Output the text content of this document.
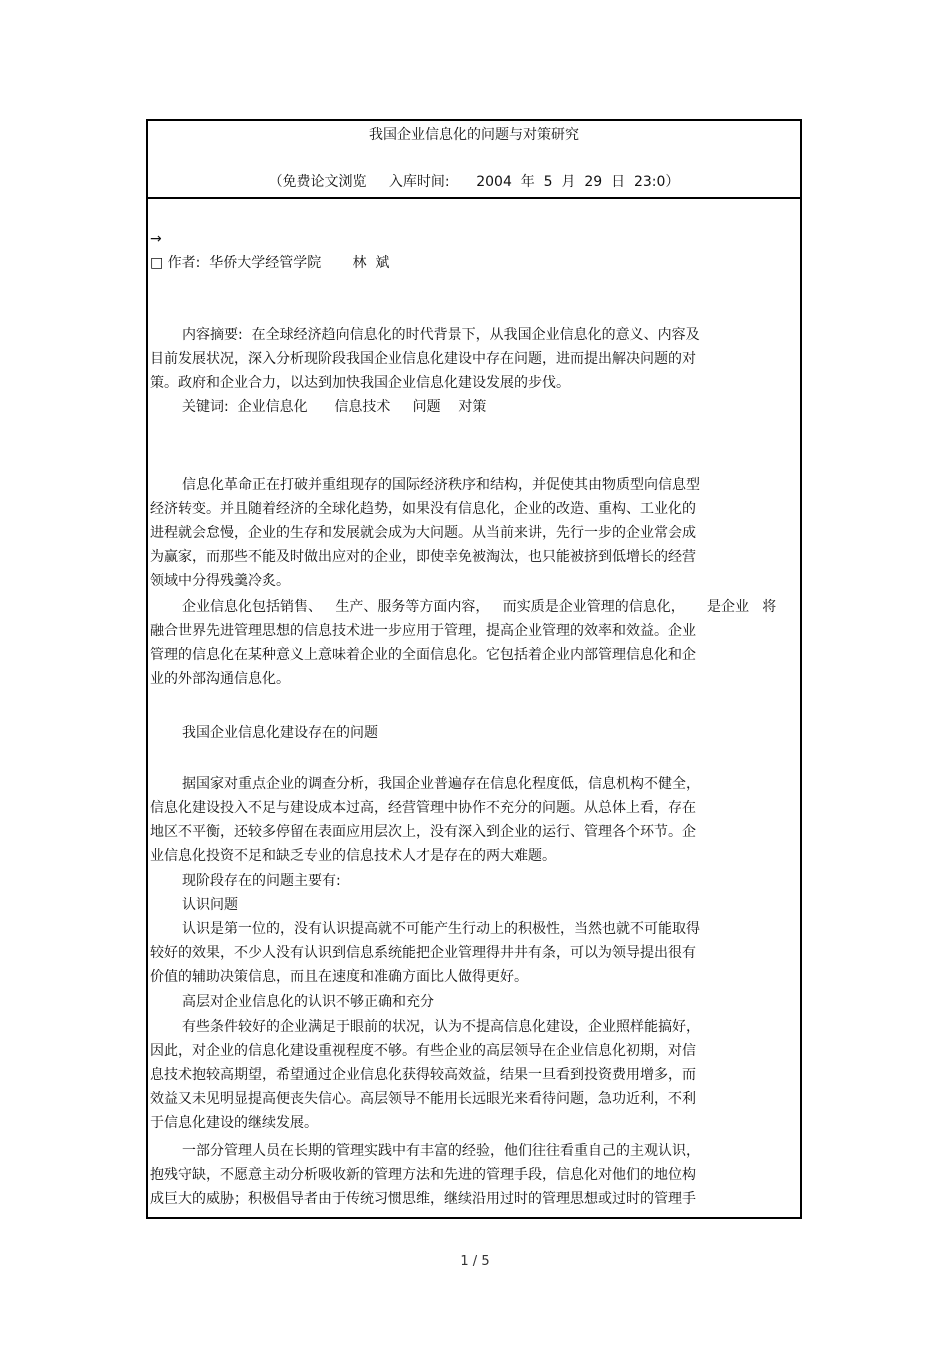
我国企业信息化的问题与对策研究
（免费论文浏览     入库时间:      2004  年  5  月  29  日  23:0）
→
□ 作者:  华侨大学经管学院       林  斌
内容摘要:  在全球经济趋向信息化的时代背景下，从我国企业信息化的意义、内容及
目前发展状况，深入分析现阶段我国企业信息化建设中存在问题，进而提出解决问题的对
策。政府和企业合力，以达到加快我国企业信息化建设发展的步伐。
关键词:  企业信息化      信息技术     问题    对策
信息化革命正在打破并重组现存的国际经济秩序和结构，并促使其由物质型向信息型
经济转变。并且随着经济的全球化趋势，如果没有信息化，企业的改造、重构、工业化的
进程就会怠慢，企业的生存和发展就会成为大问题。从当前来讲，先行一步的企业常会成
为赢家，而那些不能及时做出应对的企业，即使幸免被淘汰，也只能被挤到低增长的经营
领域中分得残羹冷炙。
企业信息化包括销售、   生产、服务等方面内容，   而实质是企业管理的信息化，     是企业   将
融合世界先进管理思想的信息技术进一步应用于管理，提高企业管理的效率和效益。企业
管理的信息化在某种意义上意味着企业的全面信息化。它包括着企业内部管理信息化和企
业的外部沟通信息化。
我国企业信息化建设存在的问题
据国家对重点企业的调查分析，我国企业普遍存在信息化程度低，信息机构不健全，
信息化建设投入不足与建设成本过高，经营管理中协作不充分的问题。从总体上看，存在
地区不平衡，还较多停留在表面应用层次上，没有深入到企业的运行、管理各个环节。企
业信息化投资不足和缺乏专业的信息技术人才是存在的两大难题。
现阶段存在的问题主要有:
认识问题
认识是第一位的，没有认识提高就不可能产生行动上的积极性，当然也就不可能取得
较好的效果，不少人没有认识到信息系统能把企业管理得井井有条，可以为领导提出很有
价值的辅助决策信息，而且在速度和准确方面比人做得更好。
高层对企业信息化的认识不够正确和充分
有些条件较好的企业满足于眼前的状况，认为不提高信息化建设，企业照样能搞好，
因此，对企业的信息化建设重视程度不够。有些企业的高层领导在企业信息化初期，对信
息技术抱较高期望，希望通过企业信息化获得较高效益，结果一旦看到投资费用增多，而
效益又未见明显提高便丧失信心。高层领导不能用长远眼光来看待问题，急功近利，不利
于信息化建设的继续发展。
一部分管理人员在长期的管理实践中有丰富的经验，他们往往看重自己的主观认识，
抱残守缺，不愿意主动分析吸收新的管理方法和先进的管理手段，信息化对他们的地位构
成巨大的威胁；积极倡导者由于传统习惯思维，继续沿用过时的管理思想或过时的管理手
1 / 5
